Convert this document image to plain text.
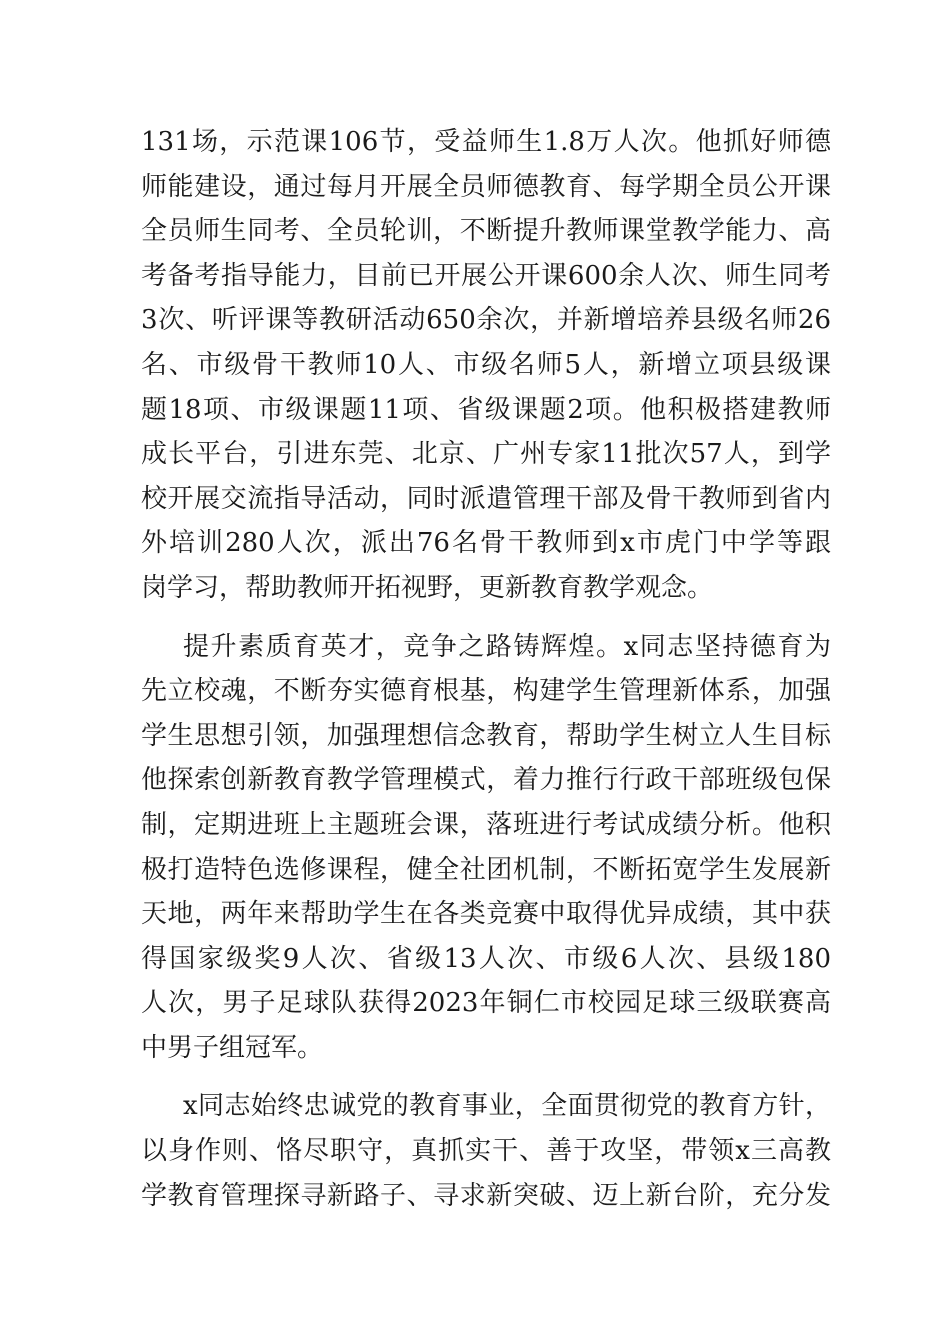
131场，示范课106节，受益师生1.8万人次。他抓好师德
师能建设，通过每月开展全员师德教育、每学期全员公开课
全员师生同考、全员轮训，不断提升教师课堂教学能力、高
考备考指导能力，目前已开展公开课600余人次、师生同考
3次、听评课等教研活动650余次，并新增培养县级名师26
名、市级骨干教师10人、市级名师5人，新增立项县级课
题18项、市级课题11项、省级课题2项。他积极搭建教师
成长平台，引进东莞、北京、广州专家11批次57人，到学
校开展交流指导活动，同时派遣管理干部及骨干教师到省内
外培训280人次，派出76名骨干教师到x市虎门中学等跟
岗学习，帮助教师开拓视野，更新教育教学观念。
提升素质育英才，竞争之路铸辉煌。x同志坚持德育为
先立校魂，不断夯实德育根基，构建学生管理新体系，加强
学生思想引领，加强理想信念教育，帮助学生树立人生目标
他探索创新教育教学管理模式，着力推行行政干部班级包保
制，定期进班上主题班会课，落班进行考试成绩分析。他积
极打造特色选修课程，健全社团机制，不断拓宽学生发展新
天地，两年来帮助学生在各类竞赛中取得优异成绩，其中获
得国家级奖9人次、省级13人次、市级6人次、县级180
人次，男子足球队获得2023年铜仁市校园足球三级联赛高
中男子组冠军。
x同志始终忠诚党的教育事业，全面贯彻党的教育方针，
以身作则、恪尽职守，真抓实干、善于攻坚，带领x三高教
学教育管理探寻新路子、寻求新突破、迈上新台阶，充分发
